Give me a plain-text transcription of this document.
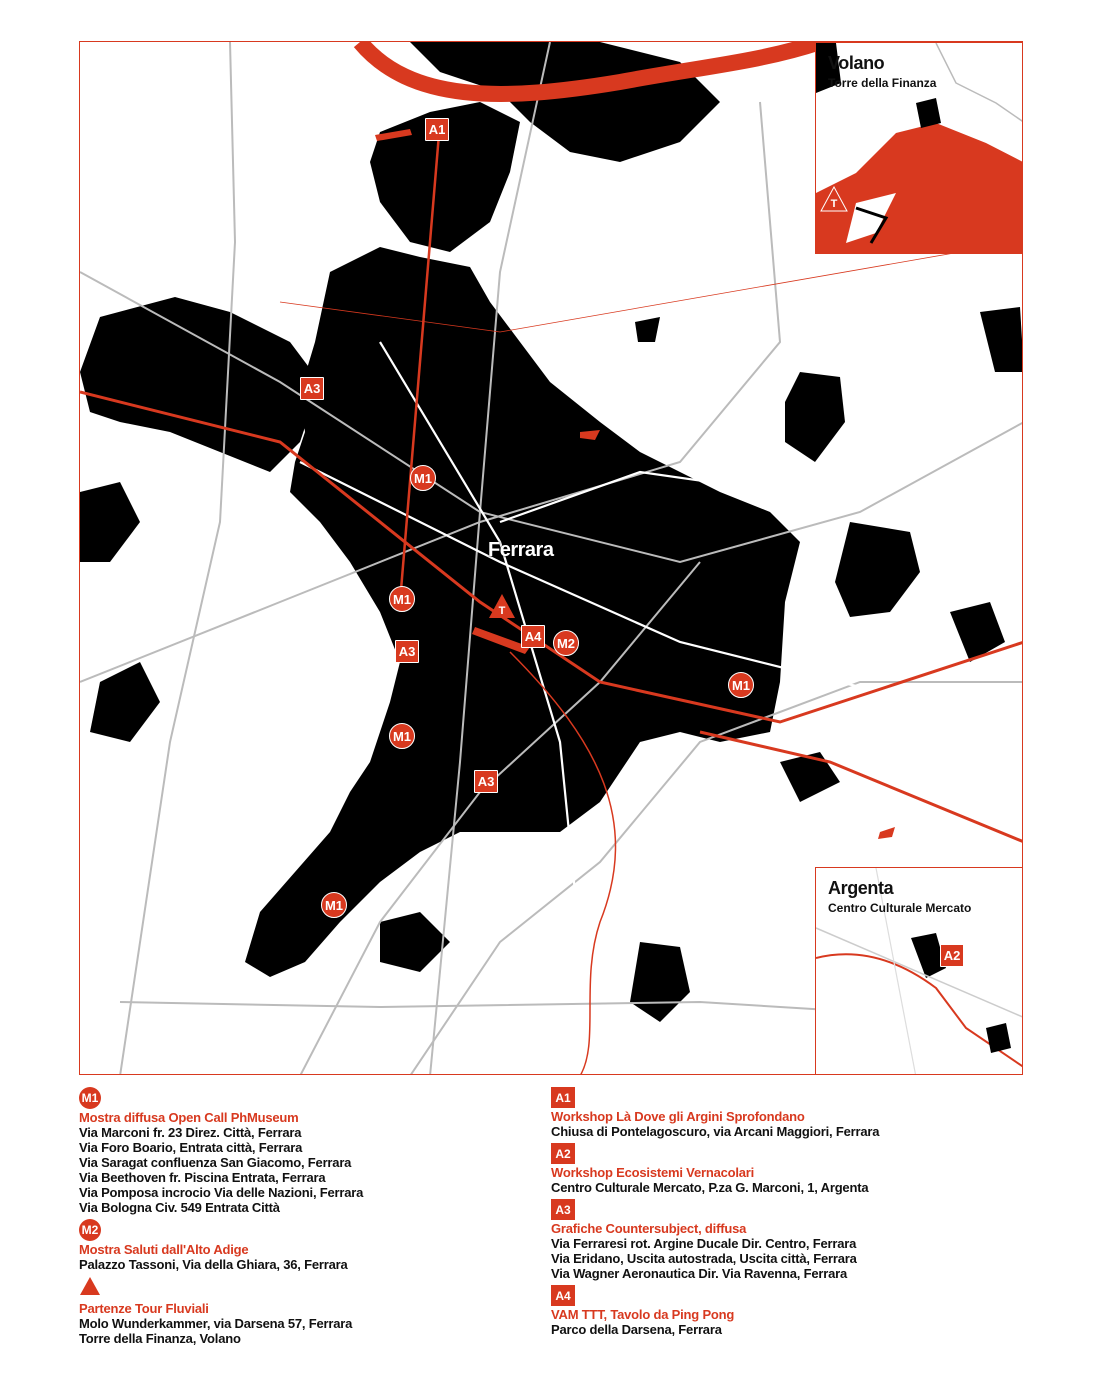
Ferrara
A1
A3
M1
M1
T
A4 M2
A3
M1
M1
A3
M1
Volano
Torre della Finanza
T
Argenta
Centro Culturale Mercato
A2
M1
Mostra diffusa Open Call PhMuseum
Via Marconi fr. 23 Direz. Città, Ferrara
Via Foro Boario, Entrata città, Ferrara
Via Saragat confluenza San Giacomo, Ferrara
Via Beethoven fr. Piscina Entrata, Ferrara
Via Pomposa incrocio Via delle Nazioni, Ferrara
Via Bologna Civ. 549 Entrata Città
M2
Mostra Saluti dall'Alto Adige
Palazzo Tassoni, Via della Ghiara, 36, Ferrara
Partenze Tour Fluviali
Molo Wunderkammer, via Darsena 57, Ferrara
Torre della Finanza, Volano
A1
Workshop Là Dove gli Argini Sprofondano
Chiusa di Pontelagoscuro, via Arcani Maggiori, Ferrara
A2
Workshop Ecosistemi Vernacolari
Centro Culturale Mercato, P.za G. Marconi, 1, Argenta
A3
Grafiche Countersubject, diffusa
Via Ferraresi rot. Argine Ducale Dir. Centro, Ferrara
Via Eridano, Uscita autostrada, Uscita città, Ferrara
Via Wagner Aeronautica Dir. Via Ravenna, Ferrara
A4
VAM TTT, Tavolo da Ping Pong
Parco della Darsena, Ferrara
